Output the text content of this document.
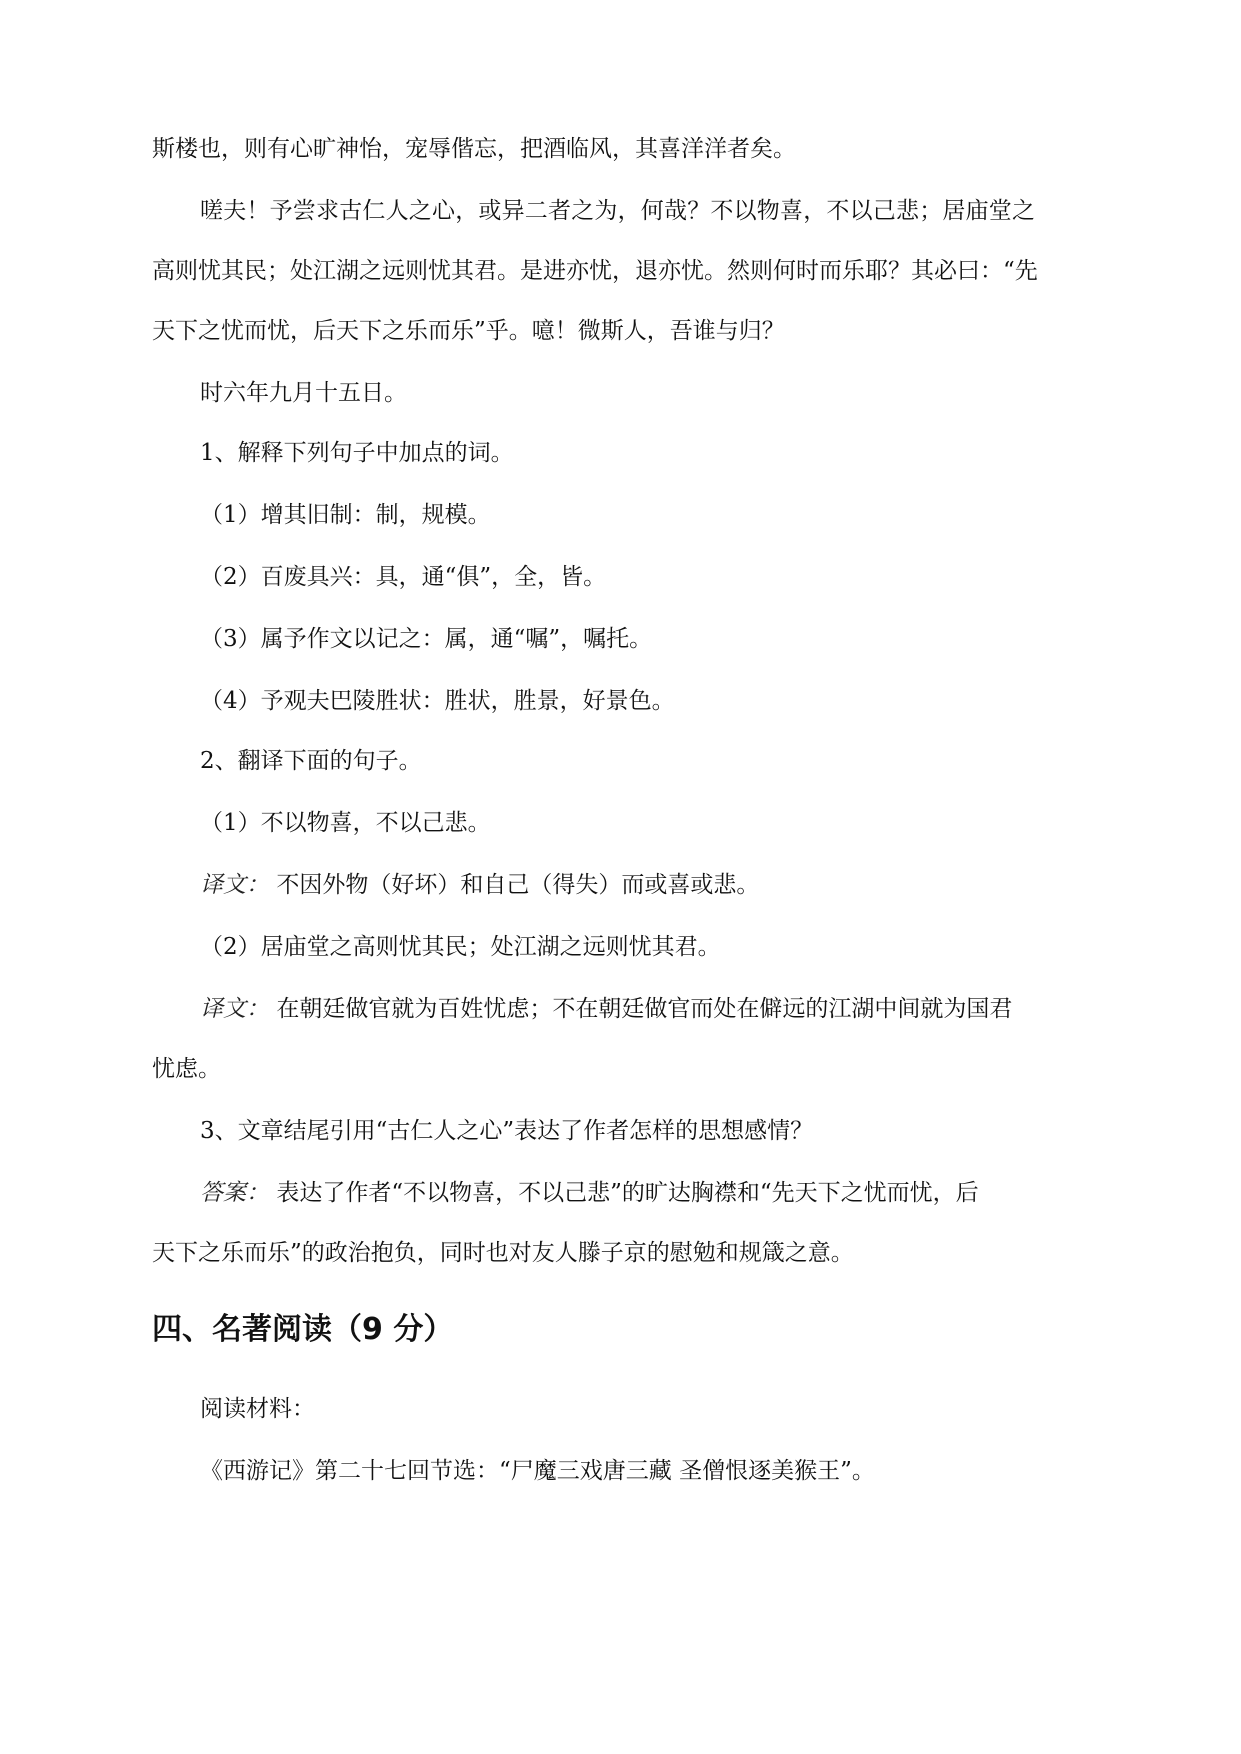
斯楼也，则有心旷神怡，宠辱偕忘，把酒临风，其喜洋洋者矣。
嗟夫！予尝求古仁人之心，或异二者之为，何哉？不以物喜，不以己悲；居庙堂之
高则忧其民；处江湖之远则忧其君。是进亦忧，退亦忧。然则何时而乐耶？其必曰：“先
天下之忧而忧，后天下之乐而乐”乎。噫！微斯人，吾谁与归？
时六年九月十五日。
1、解释下列句子中加点的词。
（1）增其旧制：制，规模。
（2）百废具兴：具，通“俱”，全，皆。
（3）属予作文以记之：属，通“嘱”，嘱托。
（4）予观夫巴陵胜状：胜状，胜景，好景色。
2、翻译下面的句子。
（1）不以物喜，不以己悲。
译文： 不因外物（好坏）和自己（得失）而或喜或悲。
（2）居庙堂之高则忧其民；处江湖之远则忧其君。
译文： 在朝廷做官就为百姓忧虑；不在朝廷做官而处在僻远的江湖中间就为国君
忧虑。
3、文章结尾引用“古仁人之心”表达了作者怎样的思想感情？
答案： 表达了作者“不以物喜，不以己悲”的旷达胸襟和“先天下之忧而忧，后
天下之乐而乐”的政治抱负，同时也对友人滕子京的慰勉和规箴之意。
四、名著阅读（9 分）
阅读材料：
《西游记》第二十七回节选：“尸魔三戏唐三藏 圣僧恨逐美猴王”。
